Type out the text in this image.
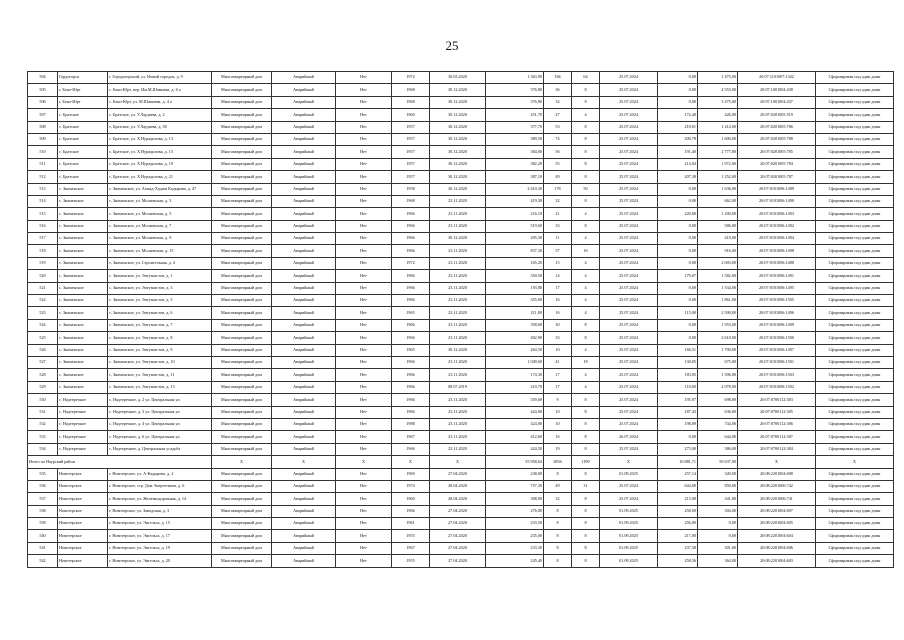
25
504	Гордогорск	г. Городогорский, ул. Новый городок, д. 9	Многоквартирный дом	Аварийный	Нет	1972	30.03.2020	1 363,90	184	64	25.07.2024	0,00	1 475,00	20:07:1101007:1342	Сформирован под один домн
505	г. Бено-Юрт	с. Бено-Юрт, пер. Им.М.Шамиева, д. 6 а	Многоквартирный дом	Аварийный	Нет	1968	30.12.2020	376,80	36	8	25.07.2024	0,00	4 553,00	20:07:1001004:438	Сформирован под один домн
506	г. Бено-Юрт	с. Бено-Юрт, ул. М.Шамиева, д. 4 а	Многоквартирный дом	Аварийный	Нет	1968	30.12.2020	376,80	32	8	25.07.2024	0,00	3 475,00	20:07:1001004:437	Сформирован под один домн
507	с. Братское	с. Братское, ул. У.Лаудаева, д. 2	Многоквартирный дом	Аварийный	Нет	1960	30.12.2020	251,70	27	4	25.07.2024	172,40	426,00	20:07:0201005:519	Сформирован под один домн
508	с. Братское	с. Братское, ул. У.Лаудаева, д. 30	Многоквартирный дом	Аварийный	Нет	1957	30.12.2020	377,70	53	8	25.07.2024	210,01	1 414,00	20:07:0201005:786	Сформирован под один домн
509	с. Братское	с. Братское, ул. Х.Нурадилова, д. 13	Многоквартирный дом	Аварийный	Нет	1957	30.12.2020	389,50	74	8	25.07.2024	200,78	1 600,00	20:07:0201005:788	Сформирован под один домн
510	с. Братское	с. Братское, ул. Х.Нурадилова, д. 15	Многоквартирный дом	Аварийный	Нет	1957	30.12.2020	384,00	56	8	25.07.2024	191,40	2 777,00	20:07:0201005:785	Сформирован под один домн
511	с. Братское	с. Братское, ул. Х.Нурадилова, д. 19	Многоквартирный дом	Аварийный	Нет	1957	30.12.2020	382,20	55	8	25.07.2024	214,04	1 972,00	20:07:0201005:784	Сформирован под один домн
512	с. Братское	с. Братское, ул. Х.Нурадилова, д. 21	Многоквартирный дом	Аварийный	Нет	1957	30.12.2020	387,10	49	8	25.07.2024	207,38	1 252,00	20:07:0201005:787	Сформирован под один домн
513	с. Знаменское	с. Знаменское, ул. Ахмад-Хаджи Кадырова, д. 47	Многоквартирный дом	Аварийный	Нет	1958	30.12.2020	2 610,30	178	50	25.07.2024	0,00	1 636,00	20:07:0101006:1489	Сформирован под один домн
514	с. Знаменское	с. Знаменское, ул. Московская, д. 3	Многоквартирный дом	Аварийный	Нет	1968	23.11.2020	419,30	32	8	25.07.2024	0,00	662,00	20:07:0101006:1490	Сформирован под один домн
515	с. Знаменское	с. Знаменское, ул. Московская, д. 5	Многоквартирный дом	Аварийный	Нет	1966	23.11.2020	216,10	21	4	25.07.2024	220,00	1 200,00	20:07:0101006:1493	Сформирован под один домн
516	с. Знаменское	с. Знаменское, ул. Московская, д. 7	Многоквартирный дом	Аварийный	Нет	1966	23.11.2020	519,60	33	8	25.07.2024	0,00	586,00	20:07:0101006:1492	Сформирован под один домн
517	с. Знаменское	с. Знаменское, ул. Московская, д. 9	Многоквартирный дом	Аварийный	Нет	1966	30.12.2020	205,30	11	4	25.07.2024	0,00	419,00	20:07:0101006:1494	Сформирован под один домн
518	с. Знаменское	с. Знаменское, ул. Московская, д. 15	Многоквартирный дом	Аварийный	Нет	1966	23.11.2020	837,30	57	16	25.07.2024	0,00	916,00	20:07:0101006:1498	Сформирован под один домн
519	с. Знаменское	с. Знаменское, ул. Строительная, д. 4	Многоквартирный дом	Аварийный	Нет	1972	23.11.2020	165,20	15	4	25.07.2024	0,00	2 003,00	20:07:0101006:1488	Сформирован под один домн
520	с. Знаменское	с. Знаменское, ул. Энтузиастов, д. 1	Многоквартирный дом	Аварийный	Нет	1966	23.11.2020	350,50	14	4	25.07.2024	179,07	1 582,00	20:07:0101006:1491	Сформирован под один домн
521	с. Знаменское	с. Знаменское, ул. Энтузиастов, д. 3	Многоквартирный дом	Аварийный	Нет	1966	23.11.2020	193,80	17	4	25.07.2024	0,00	1 534,00	20:07:0101006:1495	Сформирован под один домн
522	с. Знаменское	с. Знаменское, ул. Энтузиастов, д. 5	Многоквартирный дом	Аварийный	Нет	1966	23.11.2020	355,00	16	4	25.07.2024	0,00	1 861,00	20:07:0101006:1505	Сформирован под один домн
523	с. Знаменское	с. Знаменское, ул. Энтузиастов, д. 6	Многоквартирный дом	Аварийный	Нет	1965	23.11.2020	211,80	16	4	25.07.2024	115,00	2 500,00	20:07:0101006:1496	Сформирован под один домн
524	с. Знаменское	с. Знаменское, ул. Энтузиастов, д. 7	Многоквартирный дом	Аварийный	Нет	1966	23.11.2020	358,60	30	8	25.07.2024	0,00	1 953,00	20:07:0101006:1499	Сформирован под один домн
525	с. Знаменское	с. Знаменское, ул. Энтузиастов, д. 8	Многоквартирный дом	Аварийный	Нет	1966	23.11.2020	402,90	33	8	25.07.2024	0,00	2 610,00	20:07:0101006:1500	Сформирован под один домн
526	с. Знаменское	с. Знаменское, ул. Энтузиастов, д. 9	Многоквартирный дом	Аварийный	Нет	1965	30.12.2020	264,50	10	4	25.07.2024	166,51	1 700,00	20:07:0101006:1497	Сформирован под один домн
527	с. Знаменское	с. Знаменское, ул. Энтузиастов, д. 10	Многоквартирный дом	Аварийный	Нет	1966	23.11.2020	1 049,60	41	18	25.07.2024	130,05	675,00	20:07:0101006:1501	Сформирован под один домн
528	с. Знаменское	с. Знаменское, ул. Энтузиастов, д. 11	Многоквартирный дом	Аварийный	Нет	1966	23.11.2020	174,30	17	4	25.07.2024	183,05	1 396,00	20:07:0101006:1503	Сформирован под один домн
529	с. Знаменское	с. Знаменское, ул. Энтузиастов, д. 13	Многоквартирный дом	Аварийный	Нет	1966	08.07.2019	210,70	17	4	25.07.2024	110,00	2 078,00	20:07:0101006:1502	Сформирован под один домн
530	с. Надтеречное	с. Надтеречное, д. 2 ул. Центральная ул.	Многоквартирный дом	Аварийный	Нет	1966	23.11.2020	359,60	9	8	25.07.2024	195,97	698,00	20:07:0700112:383	Сформирован под один домн
531	с. Надтеречное	с. Надтеречное, д. 3 ул. Центральная ул.	Многоквартирный дом	Аварийный	Нет	1966	23.11.2020	424,00	10	8	25.07.2024	187,43	636,00	20:07:0700112:385	Сформирован под один домн
532	с. Надтеречное	с. Надтеречное, д. 4 ул. Центральная ул.	Многоквартирный дом	Аварийный	Нет	1988	23.11.2020	424,00	10	8	25.07.2024	198,09	744,00	20:07:0700112:386	Сформирован под один домн
533	с. Надтеречное	с. Надтеречное, д. 6 ул. Центральная ул.	Многоквартирный дом	Аварийный	Нет	1967	23.11.2020	412,60	16	8	26.07.2024	0,00	644,00	20:07:0700112:387	Сформирован под один домн
534	с. Надтеречное	с. Надтеречное, д. Центральная усадьба	Многоквартирный дом	Аварийный	Нет	1966	23.11.2020	424,50	19	8	25.07.2024	275,00	386,00	20:07:0700112:384	Сформирован под один домн
Итого по Наурский район			X	X	X	X	X	55 958,64	2856	1190	X	16 881,71	59 637,00	X	X
535	Новотерское	г. Новотерское, ул. А-Кадырова, д. 2	Многоквартирный дом	Аварийный	Нет	1969	27.04.2020	238,00	8	8	01.09.2025	257,14	349,00	20:08:2201004:698	Сформирован под один домн
536	Новотерское	г. Новотерское, стр. Дом Энергетиков, д. 6	Многоквартирный дом	Аварийный	Нет	1974	28.04.2020	757,30	49	31	25.07.2024	644,00	850,00	20:08:2201006:742	Сформирован под один домн
537	Новотерское	г. Новотерское, ул. Железнодорожная, д. 14	Многоквартирный дом	Аварийный	Нет	1960	28.04.2020	308,00	32	8	25.07.2024	215,00	341,00	20:08:2201006:741	Сформирован под один домн
538	Новотерское	г. Новотерское, ул. Заводская, д. 3	Многоквартирный дом	Аварийный	Нет	1966	27.04.2020	276,00	8	8	01.09.2025	258,00	304,00	20:08:2201004:697	Сформирован под один домн
539	Новотерское	г. Новотерское, ул. Энгельса, д. 15	Многоквартирный дом	Аварийный	Нет	1961	27.04.2020	233,50	8	8	01.09.2025	256,00	0,00	20:08:2201004:605	Сформирован под один домн
540	Новотерское	г. Новотерское, ул. Энгельса, д. 17	Многоквартирный дом	Аварийный	Нет	1955	27.04.2020	235,00	8	8	01.09.2025	217,00	0,00	20:08:2201004:604	Сформирован под один домн
541	Новотерское	г. Новотерское, ул. Энгельса, д. 19	Многоквартирный дом	Аварийный	Нет	1967	27.04.2020	233,30	8	8	01.09.2025	237,58	301,00	20:08:2201004:606	Сформирован под один домн
542	Новотерское	г. Новотерское, ул. Энгельса, д. 20	Многоквартирный дом	Аварийный	Нет	1955	27.04.2020	245,40	8	8	01.09.2025	258,56	364,00	20:08:2201004:603	Сформирован под один домн
